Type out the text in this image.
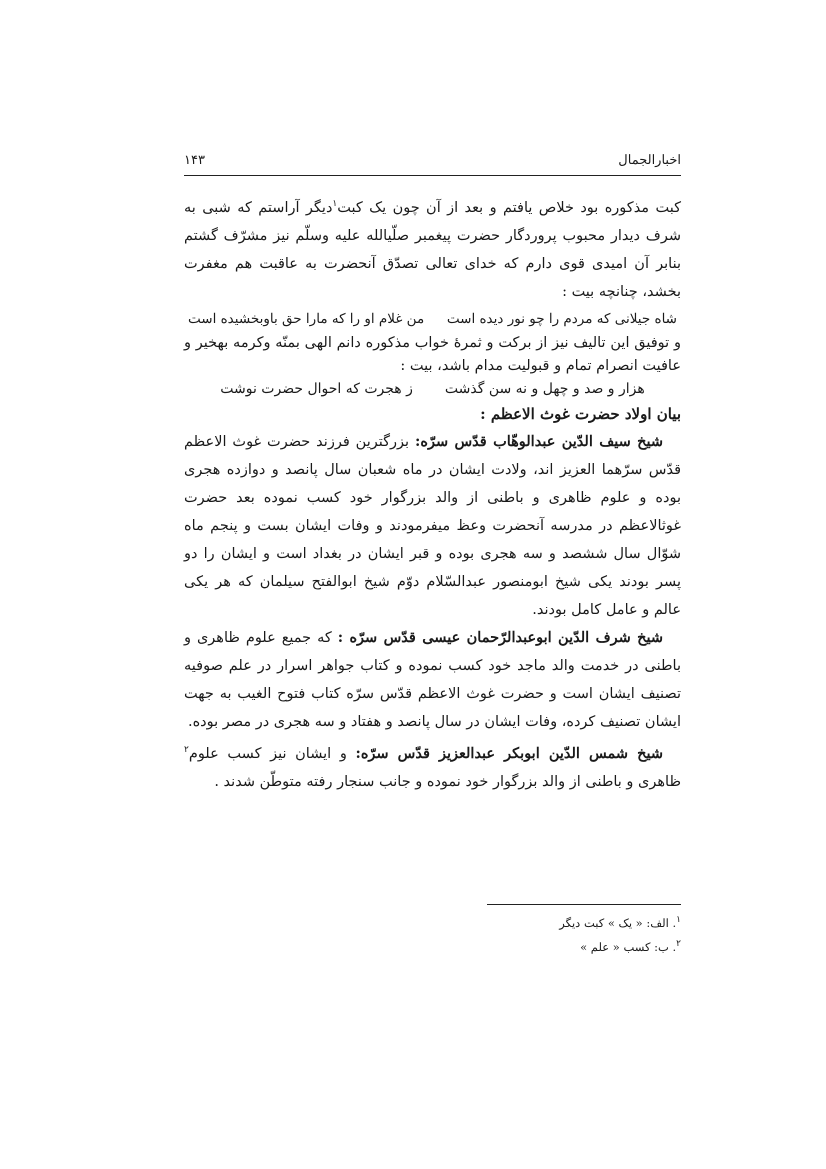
اخبارالجمال
۱۴۳

کبت مذکوره بود خلاص یافتم و بعد از آن چون یک کبت$^۱$دیگر آراستم که شبی به شرف دیدار محبوب پروردگار حضرت پیغمبر صلّیالله علیه وسلّم نیز مشرّف گشتم بنابر آن امیدی قوی دارم که خدای تعالی تصدّق آنحضرت به عاقبت هم مغفرت بخشد، چنانچه بیت :

شاه جیلانی که مردم را چو نور دیده است
من غلام او را که مارا حق باوبخشیده است

و توفیق این تالیف نیز از برکت و ثمرهٔ خواب مذکوره دانم الهی بمنّه وکرمه بهخیر و عافیت انصرام تمام و قبولیت مدام باشد، بیت :

هزار و صد و چهل و نه سن گذشت
ز هجرت که احوال حضرت نوشت

بیان اولاد حضرت غوث الاعظم :

شیخ سیف الدّین عبدالوهّاب قدّس سرّه: بزرگترین فرزند حضرت غوث الاعظم قدّس سرّهما العزیز اند، ولادت ایشان در ماه شعبان سال پانصد و دوازده هجری بوده و علوم ظاهری و باطنی از والد بزرگوار خود کسب نموده بعد حضرت غوثالاعظم در مدرسه آنحضرت وعظ میفرمودند و وفات ایشان بست و پنجم ماه شوّال سال ششصد و سه هجری بوده و قبر ایشان در بغداد است و ایشان را دو پسر بودند یکی شیخ ابومنصور عبدالسّلام دوّم شیخ ابوالفتح سیلمان که هر یکی عالم و عامل کامل بودند.

شیخ شرف الدّین ابوعبدالرّحمان عیسی قدّس سرّه : که جمیع علوم ظاهری و باطنی در خدمت والد ماجد خود کسب نموده و کتاب جواهر اسرار در علم صوفیه تصنیف ایشان است و حضرت غوث الاعظم قدّس سرّه کتاب فتوح الغیب به جهت ایشان تصنیف کرده، وفات ایشان در سال پانصد و هفتاد و سه هجری در مصر بوده.

شیخ شمس الدّین ابوبکر عبدالعزیز قدّس سرّه: و ایشان نیز کسب علوم$^۲$ ظاهری و باطنی از والد بزرگوار خود نموده و جانب سنجار رفته متوطّن شدند .

$^۱$. الف: « یک » کبت دیگر
$^۲$. ب: کسب « علم »
